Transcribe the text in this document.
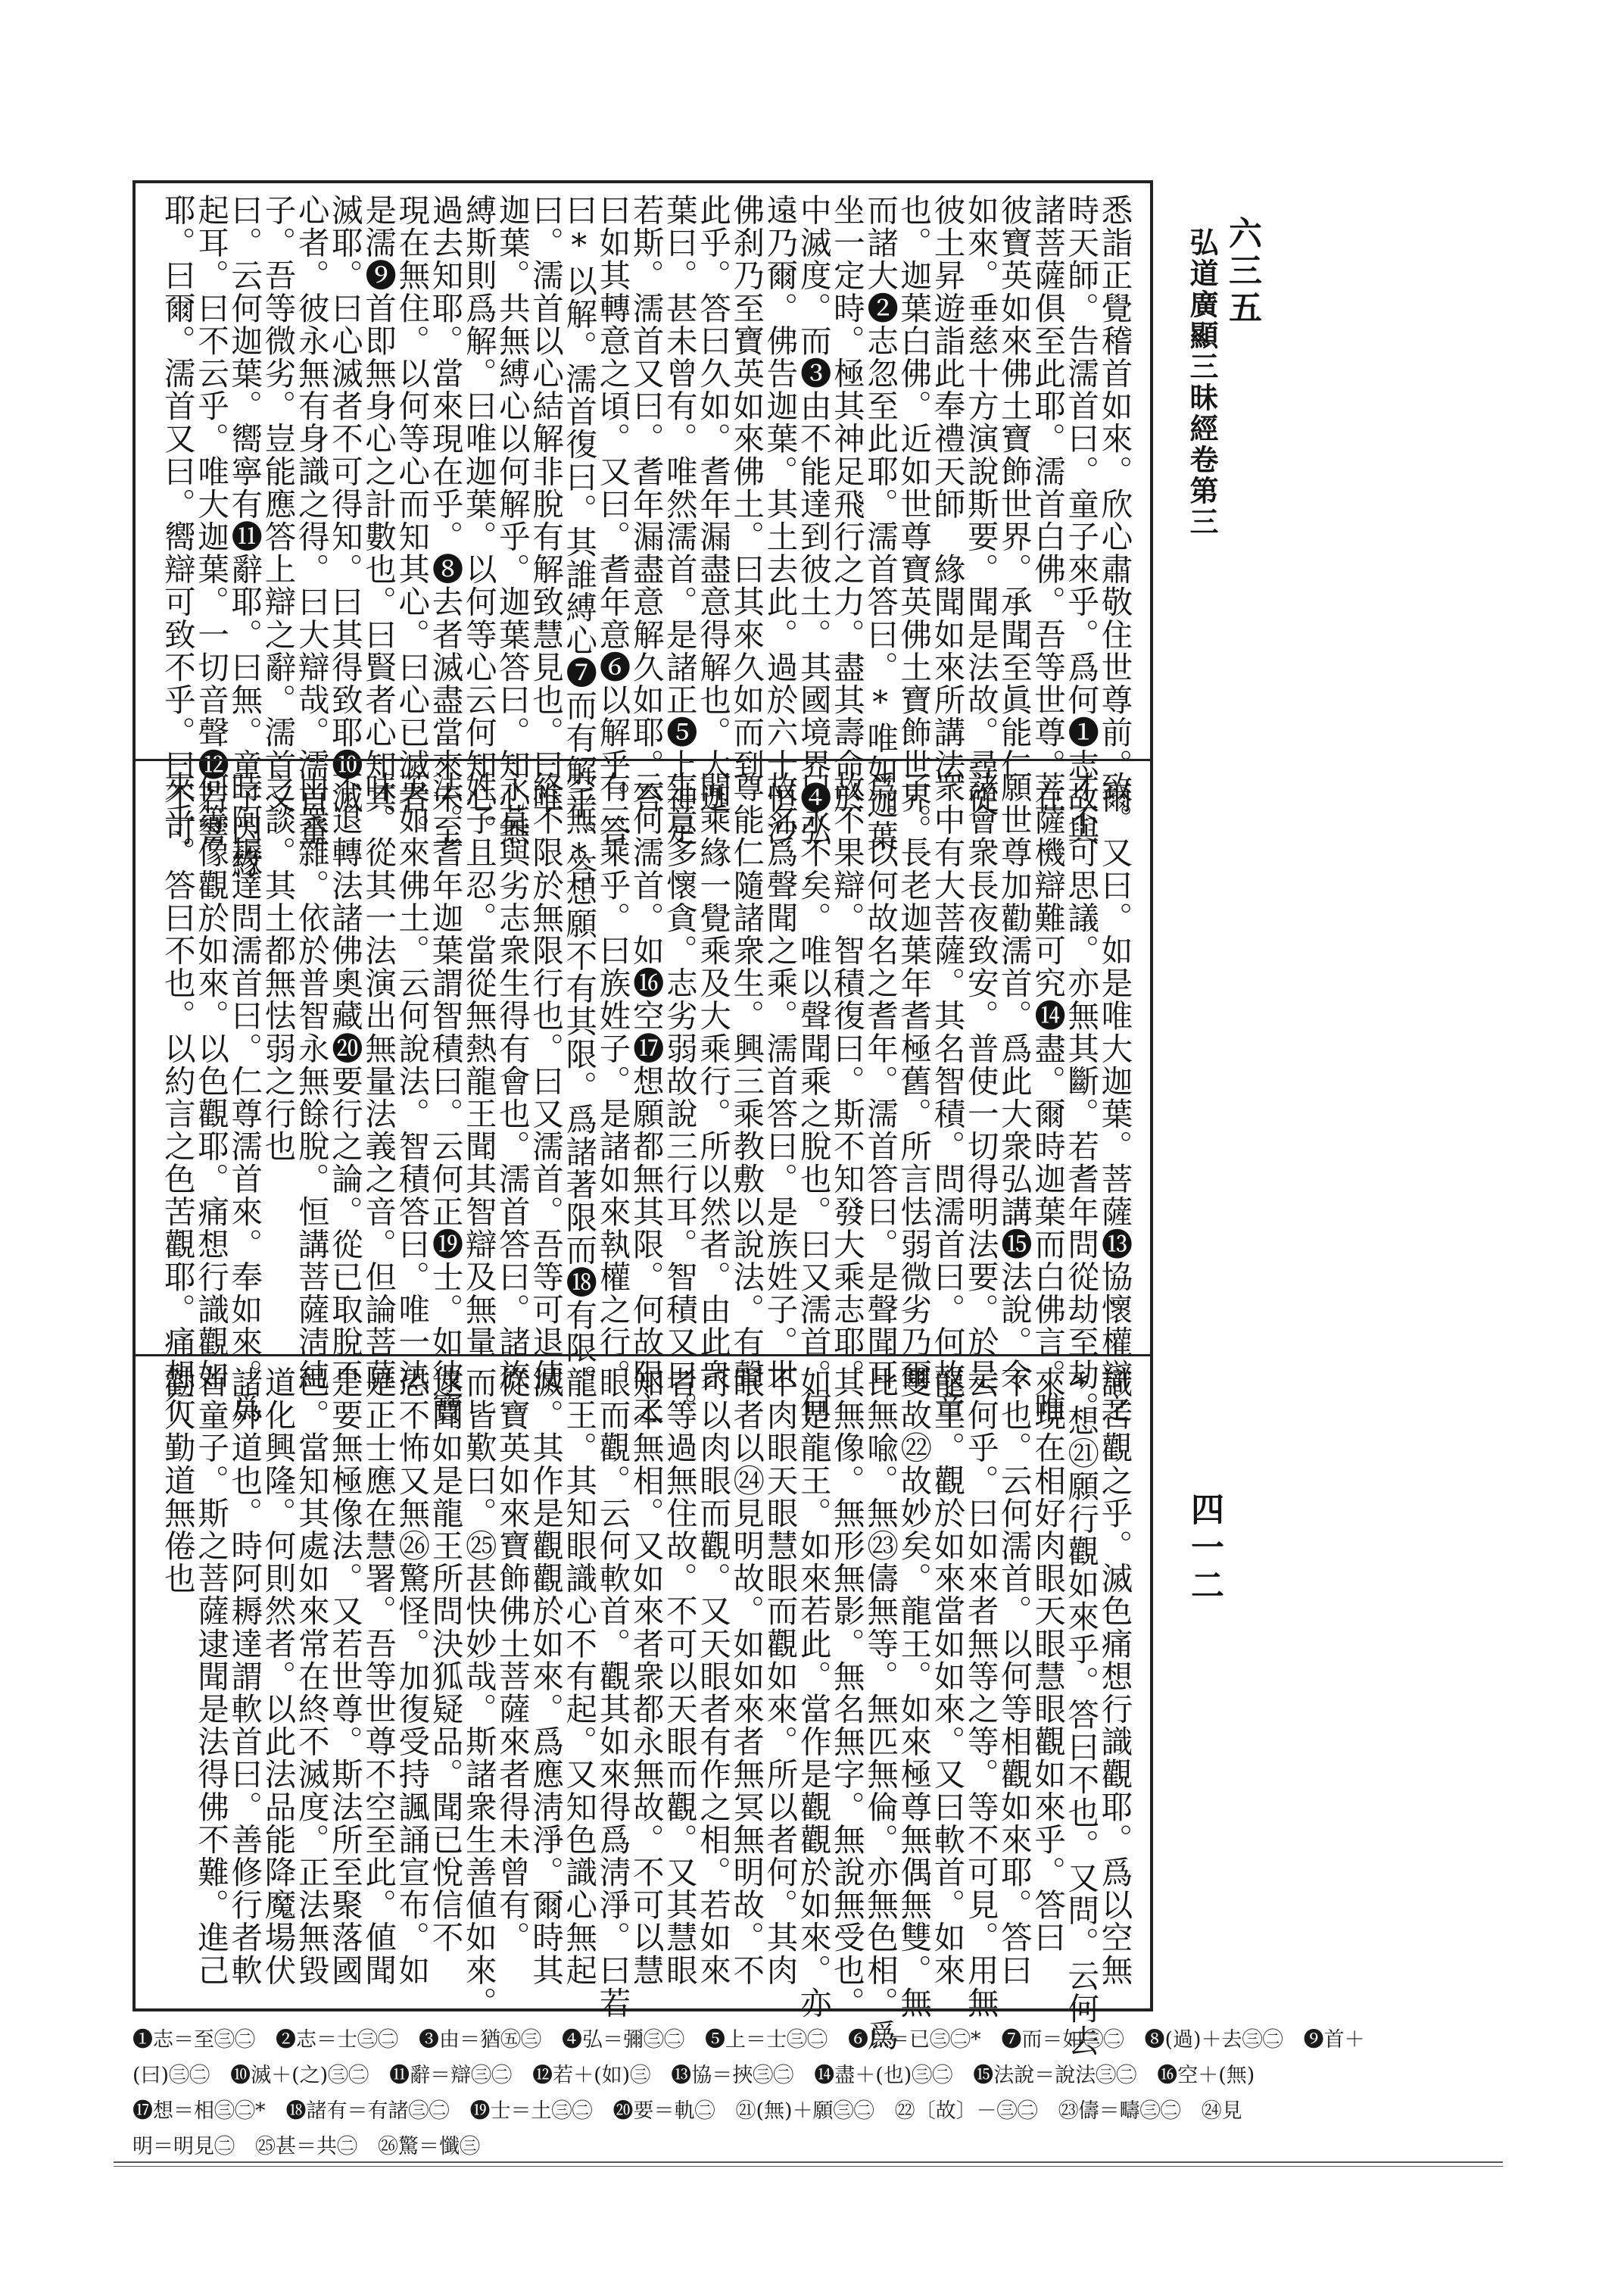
六三五
弘道廣顯三昧經卷第三
四一二
悉詣正覺稽首如來。欣心肅敬住世尊前。爾
時天師。告濡首曰。童子來乎。爲何❶志故與
諸菩薩俱至此耶。濡首白佛。吾等世尊。在
彼寶英如來佛土寶飾世界。承聞至眞能仁
如來。垂慈十方演說斯要。聞是法故。尋從
彼土昇遊詣此奉禮天師　緣聞如來所講法
也。迦葉白佛。近如世尊寶英佛土寶飾世界。
而諸大❷志忽至此耶。濡首答曰。*唯如迦葉
坐一定時。極其神足飛行之力。盡其壽命於
中滅度。而❸由不能達到彼土。其國境界❹弘
遠乃爾。佛告迦葉。其土去此。過於六十恒沙
佛刹乃至寶英如來佛土。曰其來久如而到
此乎。答曰久如。耆年漏盡意得解也。大迦
葉曰。甚未曾有。唯然濡首。是諸正❺上神足
若斯。濡首又曰。耆年漏盡意解久如耶。答
曰如其轉意之頃。又曰。耆年意❻以解乎。答
曰*以解。濡首復曰。其誰縛心❼而有解乎。答
曰。濡首以心結解非脫有解致慧見也。曰唯
迦葉。共無縛心以何解乎。迦葉答曰。知心無
縛斯則爲解。曰唯迦葉。以何等心云何知心。
過去知耶。當來現在乎。❽去者滅盡當來未至
現在無住。以何等心而知其心。曰心已滅者。
是濡❾首即無身心之計數也。曰賢者心知其
滅耶。曰心滅者不可得知。曰其得致耶❿滅
心者。彼永無有身識之得。曰大辯哉。濡首童
子。吾等微劣。豈能應答上辯之辭。濡首又
曰。云何迦葉。嚮寧有⓫辭耶。曰無。童子因緣
起耳。曰不云乎。唯大迦葉。一切音聲⓬若響
耶。曰爾。濡首又曰。嚮辯可致不乎。曰不可
致。又曰。如是唯大迦葉。菩薩⓭協懷權辯之
才不可思議。亦無其斷。若耆年問從劫至劫。
菩薩機辯難可究⓮盡。爾時迦葉而白佛言。唯
願世尊加勸濡首。爲此大衆弘講⓯法說。令
諸會衆長夜致安。普使一切得明法要。於是
衆中有大菩薩。其名智積。問濡首曰。何故童
子。長老迦葉年耆極舊。所言怯弱微劣乃爾
爲。以何故名之耆年。濡首答曰。是聲聞耳
故不果辯。智積復曰。斯不知發大乘志耶。
曰永不矣。唯以聲聞乘之脫也。曰又濡首。何
故名爲聲聞之乘。濡首答曰。是族姓子。世
尊能仁隨諸衆生。興三乘教敷以說法。有聲
聞乘緣一覺乘及大乘行。所以然者。由此衆
生意多懷貪。志劣弱故說三行耳。智積又曰。
云何濡首。如⓰空⓱想願都無其限。何故限之
有三乘乎。曰族姓子。是諸如來執權之行。
空無*想願不有其限。爲諸著限而⓲有限。
終不限於無限行也。曰又濡首。吾等可退使
永莫與劣志衆生得有會也。濡首答曰。諸族
姓子且忍。當從無熱龍王聞其智辯及無量
法。耆年迦葉謂智積曰。云何正⓳士。如彼寶
英如來佛土。云何說法。智積答曰。唯一法
味。從其一法演出無量法義之音。但論菩薩
不退轉法諸佛奧藏⓴要行之論。從已取脫不
由衆雜。依於普智永無餘脫。恒講菩薩淸純
之談。其土都無怯弱之行也
時阿耨達問濡首曰。仁尊濡首來。奉如來。爲
何等像觀於如來。以色觀耶。痛想行識觀如
來乎。答曰不也。以約言之色苦觀耶。痛想行
識苦觀之乎。滅色痛想行識觀耶。爲以空無
*想㉑願行觀如來乎。答曰不也。又問。云何去
來現在相好肉眼天眼慧眼觀如來乎。答曰
不也。云何濡首。以何等相觀如來耶。答曰
云何乎。曰如來者無等之等。等不可見。用無
龍王。觀於如來當如如來。又曰軟首。如來
雙故㉒故妙矣。龍王。如來極尊無偶無雙。無
比無喩。無㉓儔無等。無匹無倫。亦無色相。爲
其無像。無形無影。無名無字。無說無受也。
如是龍王。如來若此。當作是觀觀於如來。亦
不肉眼天眼慧眼而觀如來。所以者何。其肉
眼者以㉔見明故。如如來者無冥無明故。不
可以肉眼而觀。又天眼者有作之相。若如來
者等過無住故。不可以天眼而觀。又其慧眼
知本無相。又如來者衆都永無故。不可以慧
眼而觀。云何軟首。觀其如來得爲淸淨。曰若
龍王。其知眼識心不有起。又知色識心無起
滅。其作是觀觀於如來。爲應淸淨。爾時其
從寶英如來寶飾佛土菩薩來者得未曾有。
而皆歎曰。㉕甚快妙哉。斯諸衆生善値如來。
逮聞如是龍王所問決狐疑品。聞已悅信不
恐不怖又無㉖驚怪。加復受持諷誦宣布。如
是正士應在慧署。吾等世尊不空至此。値聞
是要無極像法。又若世尊。斯法所至聚落國
邑。當知其處如來常在終不滅度。正法無毀
道化興隆。何則然者。以此法品能降魔場伏
諸外道也。時阿耨達謂軟首曰。善修行者軟
首童子。斯之菩薩逮聞是法得佛不難。進己
勸人勤道無倦也
❶志＝至㊂㊁　❷志＝士㊂㊁　❸由＝猶㊄㊂　❹弘＝彌㊂㊁　❺上＝士㊂㊁　❻以＝已㊂㊁*　❼而＝如㊂㊁　❽(過)＋去㊂㊁　❾首＋
(曰)㊂㊁　❿滅＋(之)㊂㊁　⓫辭＝辯㊂㊁　⓬若＋(如)㊂　⓭協＝挾㊂㊁　⓮盡＋(也)㊂㊁　⓯法說＝說法㊂㊁　⓰空＋(無)
⓱想＝相㊂㊁*　⓲諸有＝有諸㊂㊁　⓳士＝土㊂㊁　⓴要＝軌㊁　㉑(無)＋願㊂㊁　㉒〔故〕－㊂㊁　㉓儔＝疇㊂㊁　㉔見
明＝明見㊁　㉕甚＝共㊁　㉖驚＝懺㊂
